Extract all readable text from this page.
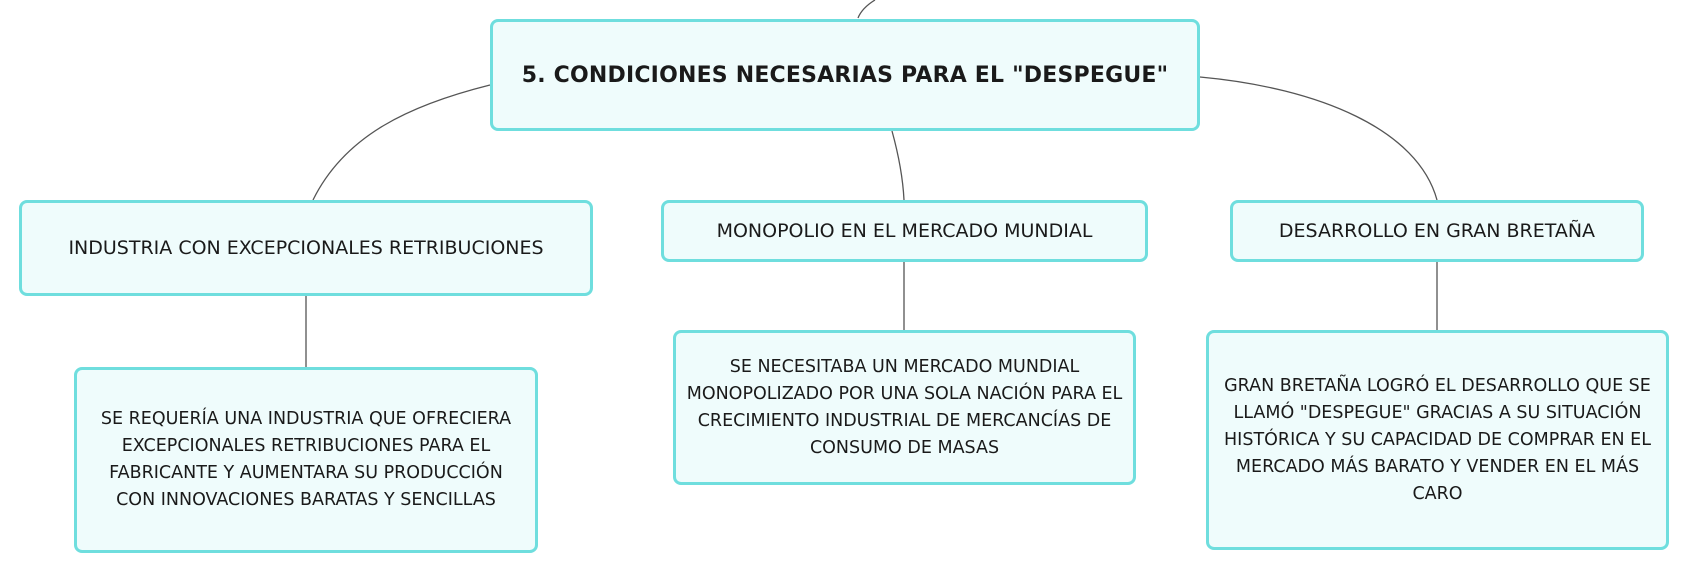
5. CONDICIONES NECESARIAS PARA EL "DESPEGUE"
INDUSTRIA CON EXCEPCIONALES RETRIBUCIONES
MONOPOLIO EN EL MERCADO MUNDIAL	DESARROLLO EN GRAN BRETAÑA
SE REQUERÍA UNA INDUSTRIA QUE OFRECIERA EXCEPCIONALES RETRIBUCIONES PARA EL FABRICANTE Y AUMENTARA SU PRODUCCIÓN CON INNOVACIONES BARATAS Y SENCILLAS
SE NECESITABA UN MERCADO MUNDIAL MONOPOLIZADO POR UNA SOLA NACIÓN PARA EL CRECIMIENTO INDUSTRIAL DE MERCANCÍAS DE CONSUMO DE MASAS
GRAN BRETAÑA LOGRÓ EL DESARROLLO QUE SE LLAMÓ "DESPEGUE" GRACIAS A SU SITUACIÓN HISTÓRICA Y SU CAPACIDAD DE COMPRAR EN EL MERCADO MÁS BARATO Y VENDER EN EL MÁS CARO
